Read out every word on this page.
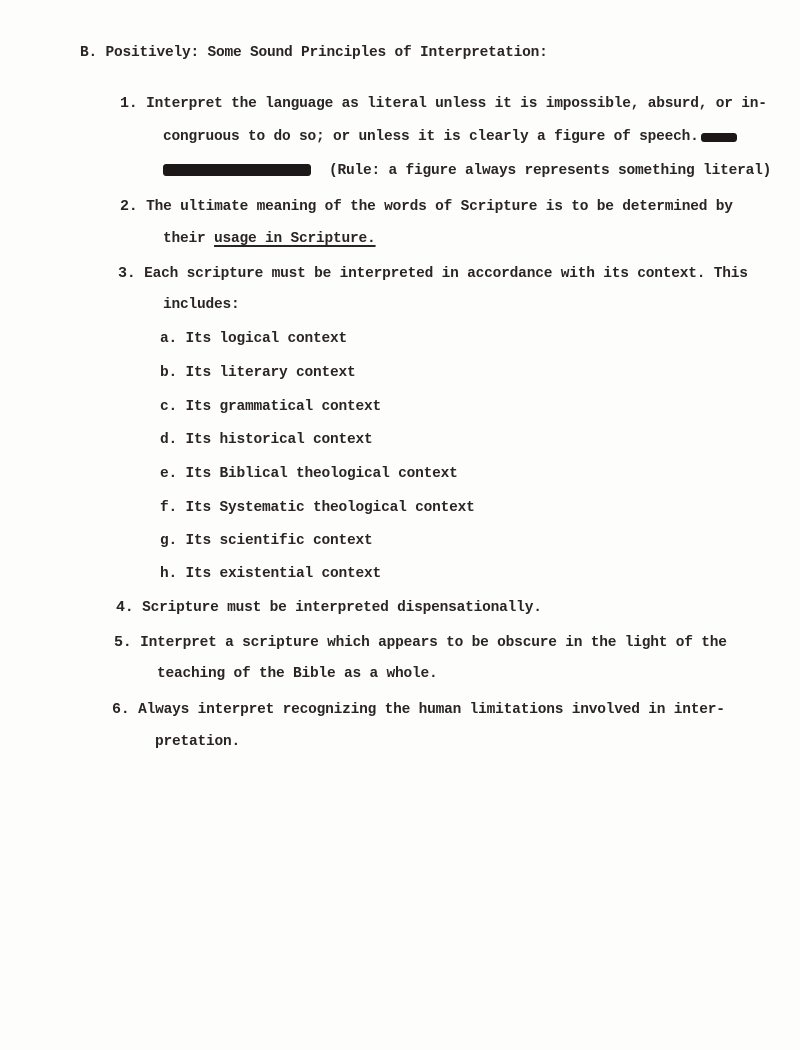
B. Positively: Some Sound Principles of Interpretation:
1. Interpret the language as literal unless it is impossible, absurd, or in-
congruous to do so; or unless it is clearly a figure of speech.
(Rule: a figure always represents something literal)
2. The ultimate meaning of the words of Scripture is to be determined by
their usage in Scripture.
3. Each scripture must be interpreted in accordance with its context. This
includes:
a. Its logical context
b. Its literary context
c. Its grammatical context
d. Its historical context
e. Its Biblical theological context
f. Its Systematic theological context
g. Its scientific context
h. Its existential context
4. Scripture must be interpreted dispensationally.
5. Interpret a scripture which appears to be obscure in the light of the
teaching of the Bible as a whole.
6. Always interpret recognizing the human limitations involved in inter-
pretation.
